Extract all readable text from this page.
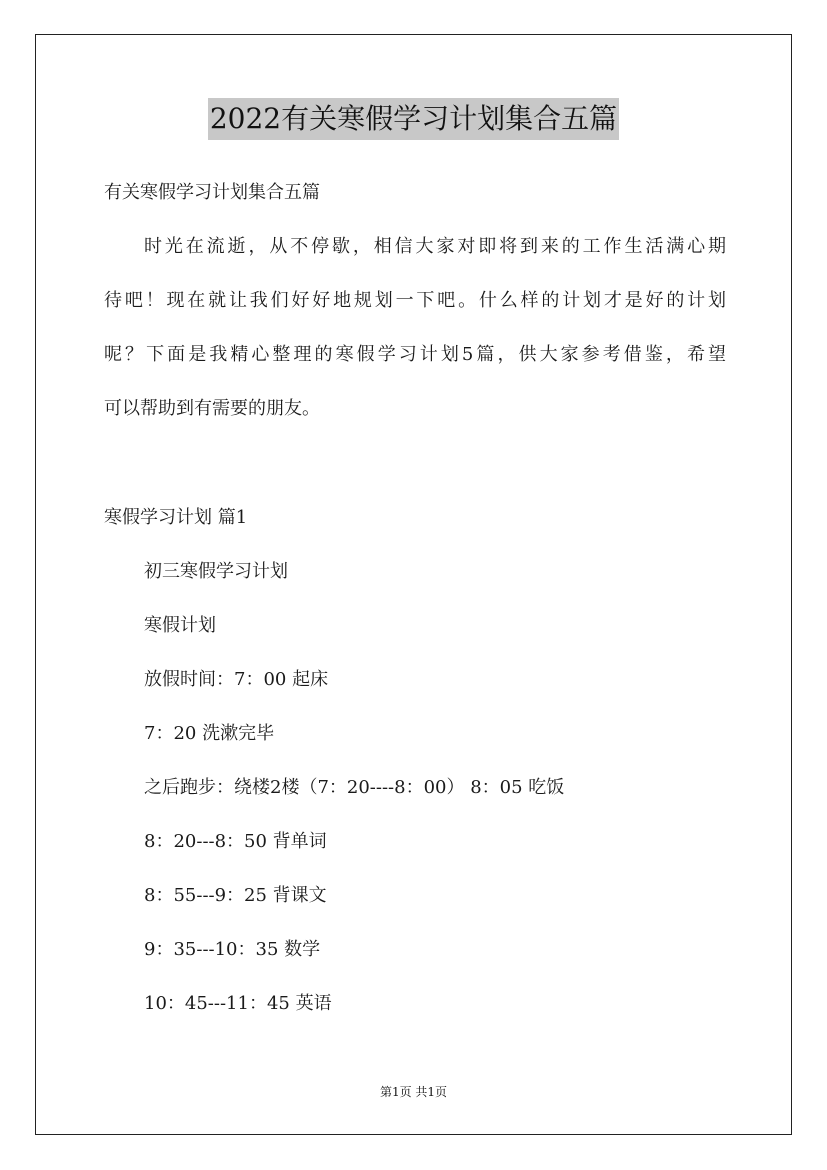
2022有关寒假学习计划集合五篇
有关寒假学习计划集合五篇
时光在流逝，从不停歇，相信大家对即将到来的工作生活满心期
待吧！现在就让我们好好地规划一下吧。什么样的计划才是好的计划
呢？下面是我精心整理的寒假学习计划5篇，供大家参考借鉴，希望
可以帮助到有需要的朋友。
寒假学习计划 篇1
初三寒假学习计划
寒假计划
放假时间：7：00 起床
7：20 洗漱完毕
之后跑步：绕楼2楼（7：20----8：00） 8：05 吃饭
8：20---8：50 背单词
8：55---9：25 背课文
9：35---10：35 数学
10：45---11：45 英语
第1页 共1页
